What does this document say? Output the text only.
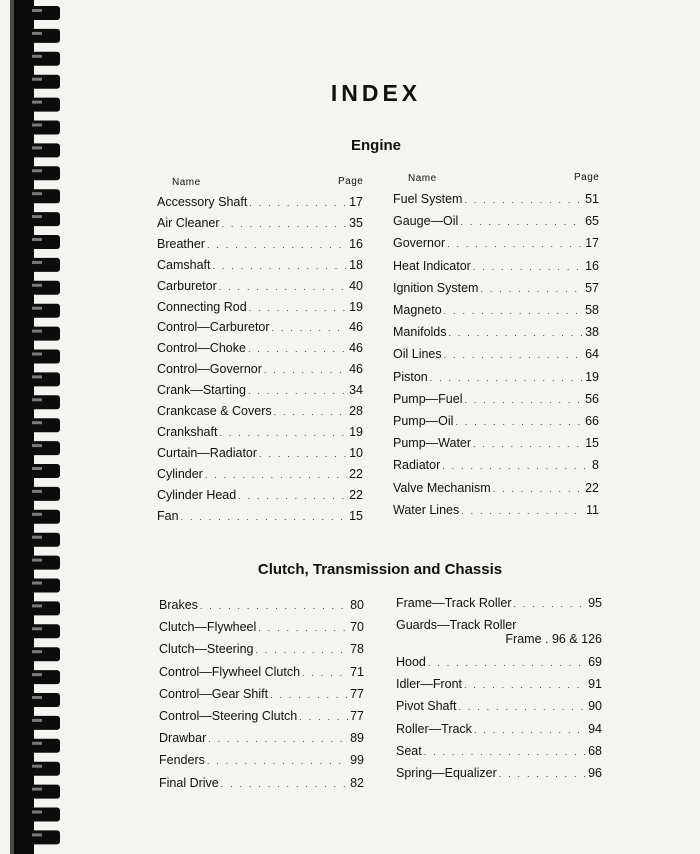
INDEX
Engine
Name	Page	Name	Page
Accessory Shaft . . .	17
Air Cleaner . . .	35
Breather . . .	16
Camshaft . . .	18
Carburetor . . .	40
Connecting Rod . . .	19
Control—Carburetor . . .	46
Control—Choke . . .	46
Control—Governor . . .	46
Crank—Starting . . .	34
Crankcase & Covers . . .	28
Crankshaft . . .	19
Curtain—Radiator . . .	10
Cylinder . . .	22
Cylinder Head . . .	22
Fan . . .	15
Fuel System . . .	51
Gauge—Oil . . .	65
Governor . . .	17
Heat Indicator . . .	16
Ignition System . . .	57
Magneto . . .	58
Manifolds . . .	38
Oil Lines . . .	64
Piston . . .	19
Pump—Fuel . . .	56
Pump—Oil . . .	66
Pump—Water . . .	15
Radiator . . .	8
Valve Mechanism . . .	22
Water Lines . . .	11
Clutch, Transmission and Chassis
Brakes . . .	80
Clutch—Flywheel . . .	70
Clutch—Steering . . .	78
Control—Flywheel Clutch . . .	71
Control—Gear Shift . . .	77
Control—Steering Clutch . . .	77
Drawbar . . .	89
Fenders . . .	99
Final Drive . . .	82
Frame—Track Roller . . .	95
Guards—Track Roller
Frame . 96 & 126
Hood . . .	69
Idler—Front . . .	91
Pivot Shaft . . .	90
Roller—Track . . .	94
Seat . . .	68
Spring—Equalizer . . .	96
